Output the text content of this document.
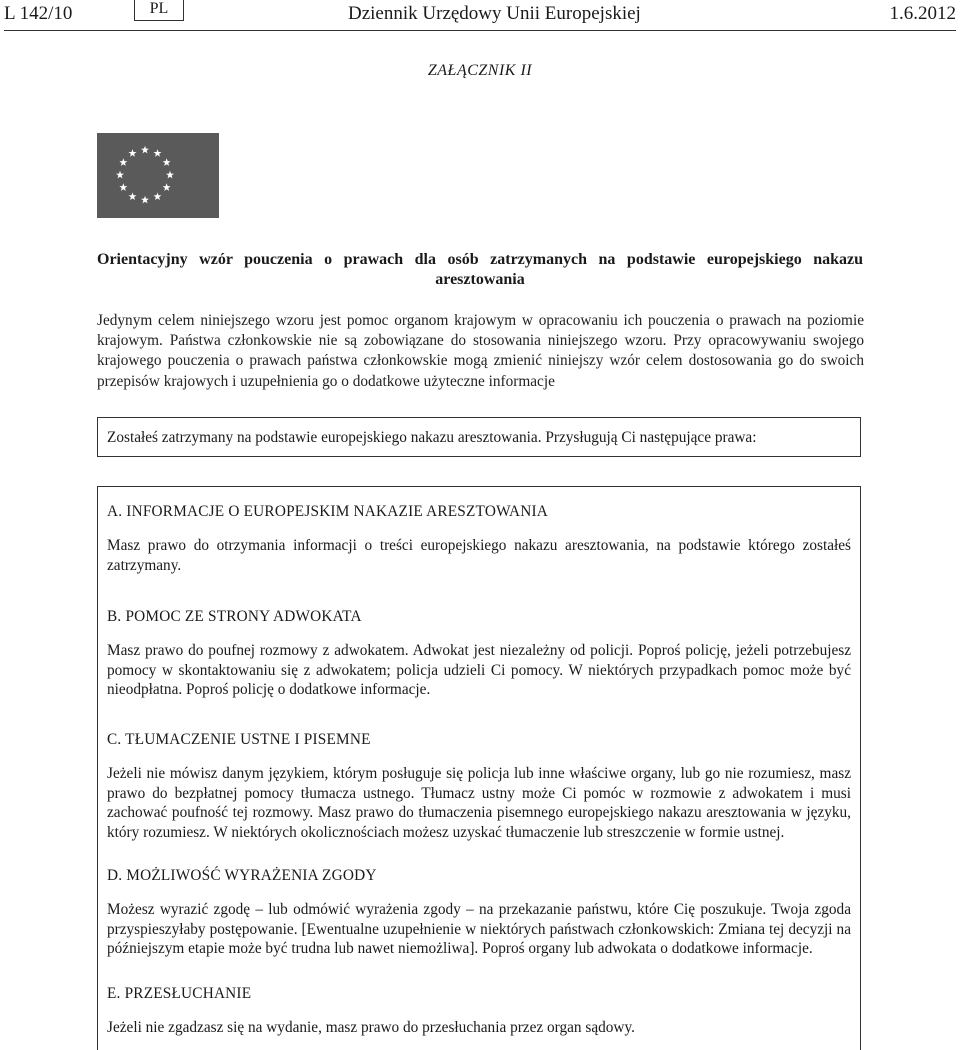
L 142/10	PL	Dziennik Urzędowy Unii Europejskiej	1.6.2012
ZAŁĄCZNIK II
Orientacyjny wzór pouczenia o prawach dla osób zatrzymanych na podstawie europejskiego nakazu
aresztowania

Jedynym celem niniejszego wzoru jest pomoc organom krajowym w opracowaniu ich pouczenia o prawach na poziomie krajowym. Państwa członkowskie nie są zobowiązane do stosowania niniejszego wzoru. Przy opracowywaniu swojego krajowego pouczenia o prawach państwa członkowskie mogą zmienić niniejszy wzór celem dostosowania go do swoich przepisów krajowych i uzupełnienia go o dodatkowe użyteczne informacje

Zostałeś zatrzymany na podstawie europejskiego nakazu aresztowania. Przysługują Ci następujące prawa:

A. INFORMACJE O EUROPEJSKIM NAKAZIE ARESZTOWANIA

Masz prawo do otrzymania informacji o treści europejskiego nakazu aresztowania, na podstawie którego zostałeś zatrzymany.

B. POMOC ZE STRONY ADWOKATA

Masz prawo do poufnej rozmowy z adwokatem. Adwokat jest niezależny od policji. Poproś policję, jeżeli potrzebujesz pomocy w skontaktowaniu się z adwokatem; policja udzieli Ci pomocy. W niektórych przypadkach pomoc może być nieodpłatna. Poproś policję o dodatkowe informacje.

C. TŁUMACZENIE USTNE I PISEMNE

Jeżeli nie mówisz danym językiem, którym posługuje się policja lub inne właściwe organy, lub go nie rozumiesz, masz prawo do bezpłatnej pomocy tłumacza ustnego. Tłumacz ustny może Ci pomóc w rozmowie z adwokatem i musi zachować poufność tej rozmowy. Masz prawo do tłumaczenia pisemnego europejskiego nakazu aresztowania w języku, który rozumiesz. W niektórych okolicznościach możesz uzyskać tłumaczenie lub streszczenie w formie ustnej.

D. MOŻLIWOŚĆ WYRAŻENIA ZGODY

Możesz wyrazić zgodę – lub odmówić wyrażenia zgody – na przekazanie państwu, które Cię poszukuje. Twoja zgoda przyspieszyłaby postępowanie. [Ewentualne uzupełnienie w niektórych państwach członkowskich: Zmiana tej decyzji na późniejszym etapie może być trudna lub nawet niemożliwa]. Poproś organy lub adwokata o dodatkowe informacje.

E. PRZESŁUCHANIE

Jeżeli nie zgadzasz się na wydanie, masz prawo do przesłuchania przez organ sądowy.
